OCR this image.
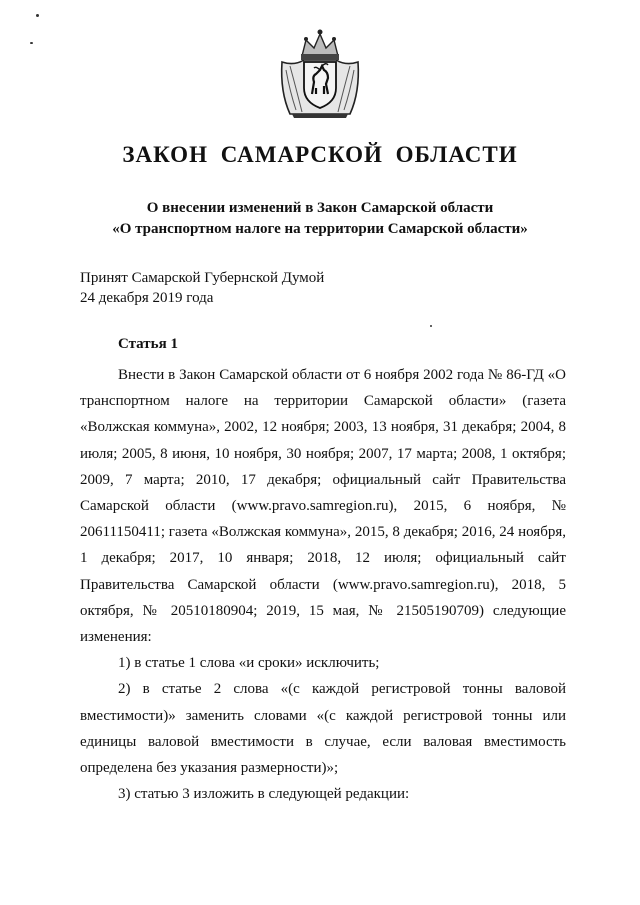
ЗАКОН САМАРСКОЙ ОБЛАСТИ
О внесении изменений в Закон Самарской области
«О транспортном налоге на территории Самарской области»
Принят Самарской Губернской Думой
24 декабря 2019 года
Статья 1

Внести в Закон Самарской области от 6 ноября 2002 года № 86-ГД «О транспортном налоге на территории Самарской области» (газета «Волжская коммуна», 2002, 12 ноября; 2003, 13 ноября, 31 декабря; 2004, 8 июля; 2005, 8 июня, 10 ноября, 30 ноября; 2007, 17 марта; 2008, 1 октября; 2009, 7 марта; 2010, 17 декабря; официальный сайт Правительства Самарской области (www.pravo.samregion.ru), 2015, 6 ноября, № 20611150411; газета «Волжская коммуна», 2015, 8 декабря; 2016, 24 ноября, 1 декабря; 2017, 10 января; 2018, 12 июля; официальный сайт Правительства Самарской области (www.pravo.samregion.ru), 2018, 5 октября, № 20510180904; 2019, 15 мая, № 21505190709) следующие изменения:

1) в статье 1 слова «и сроки» исключить;

2) в статье 2 слова «(с каждой регистровой тонны валовой вместимости)» заменить словами «(с каждой регистровой тонны или единицы валовой вместимости в случае, если валовая вместимость определена без указания размерности)»;

3) статью 3 изложить в следующей редакции:
